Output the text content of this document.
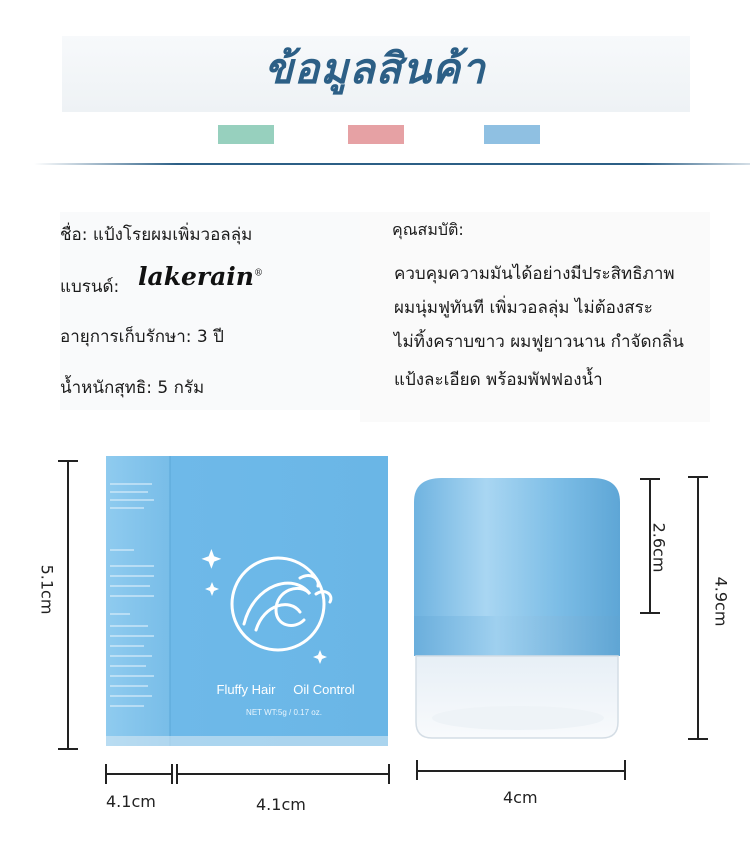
ข้อมูลสินค้า
ชื่อ: แป้งโรยผมเพิ่มวอลลุ่ม
แบรนด์: lakerain®
อายุการเก็บรักษา: 3 ปี
น้ำหนักสุทธิ: 5 กรัม
คุณสมบัติ:
ควบคุมความมันได้อย่างมีประสิทธิภาพ
ผมนุ่มฟูทันที เพิ่มวอลลุ่ม ไม่ต้องสระ
ไม่ทิ้งคราบขาว ผมฟูยาวนาน กำจัดกลิ่น
แป้งละเอียด พร้อมพัฟฟองน้ำ
Fluffy Hair Oil Control
NET WT:5g / 0.17 oz.
5.1cm
4.1cm	4.1cm
2.6cm
4.9cm
4cm
